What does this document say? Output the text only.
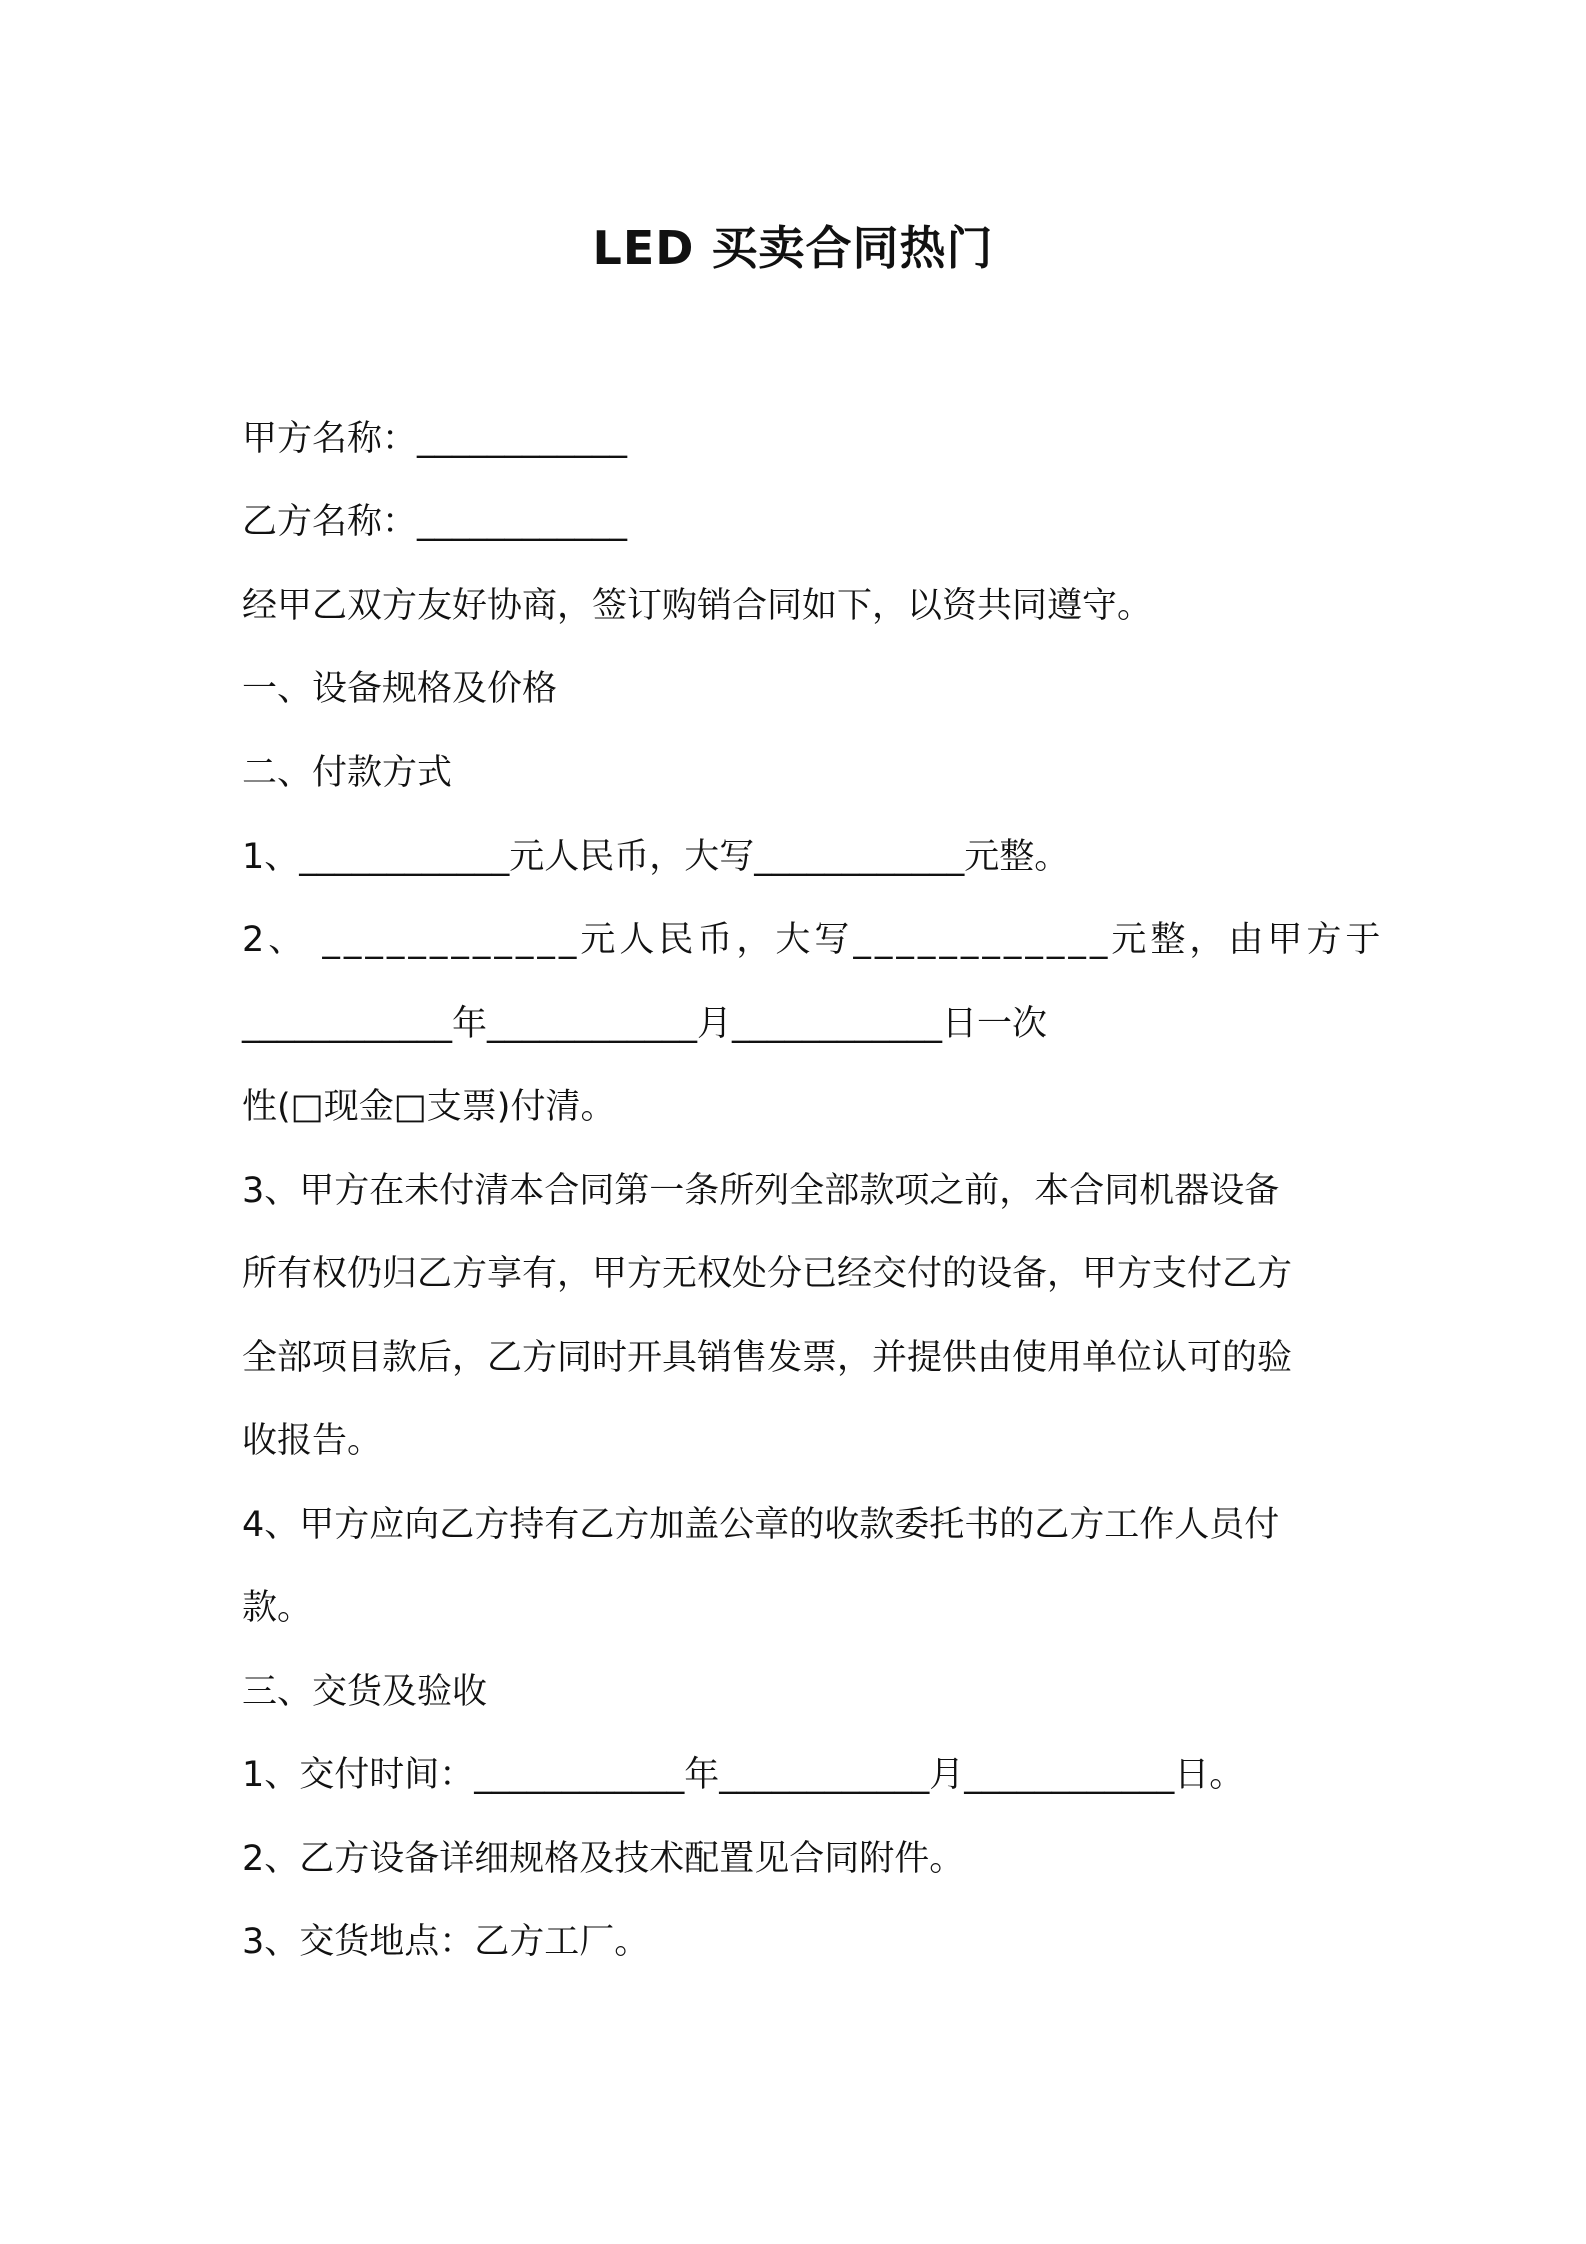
LED 买卖合同热门
甲方名称：____________
乙方名称：____________
经甲乙双方友好协商，签订购销合同如下，以资共同遵守。
一、设备规格及价格
二、付款方式
1、____________元人民币，大写____________元整。
2、 ____________元人民币，大写____________元整，由甲方于
____________年____________月____________日一次
性(□现金□支票)付清。
3、甲方在未付清本合同第一条所列全部款项之前，本合同机器设备
所有权仍归乙方享有，甲方无权处分已经交付的设备，甲方支付乙方
全部项目款后，乙方同时开具销售发票，并提供由使用单位认可的验
收报告。
4、甲方应向乙方持有乙方加盖公章的收款委托书的乙方工作人员付
款。
三、交货及验收
1、交付时间：____________年____________月____________日。
2、乙方设备详细规格及技术配置见合同附件。
3、交货地点：乙方工厂。
